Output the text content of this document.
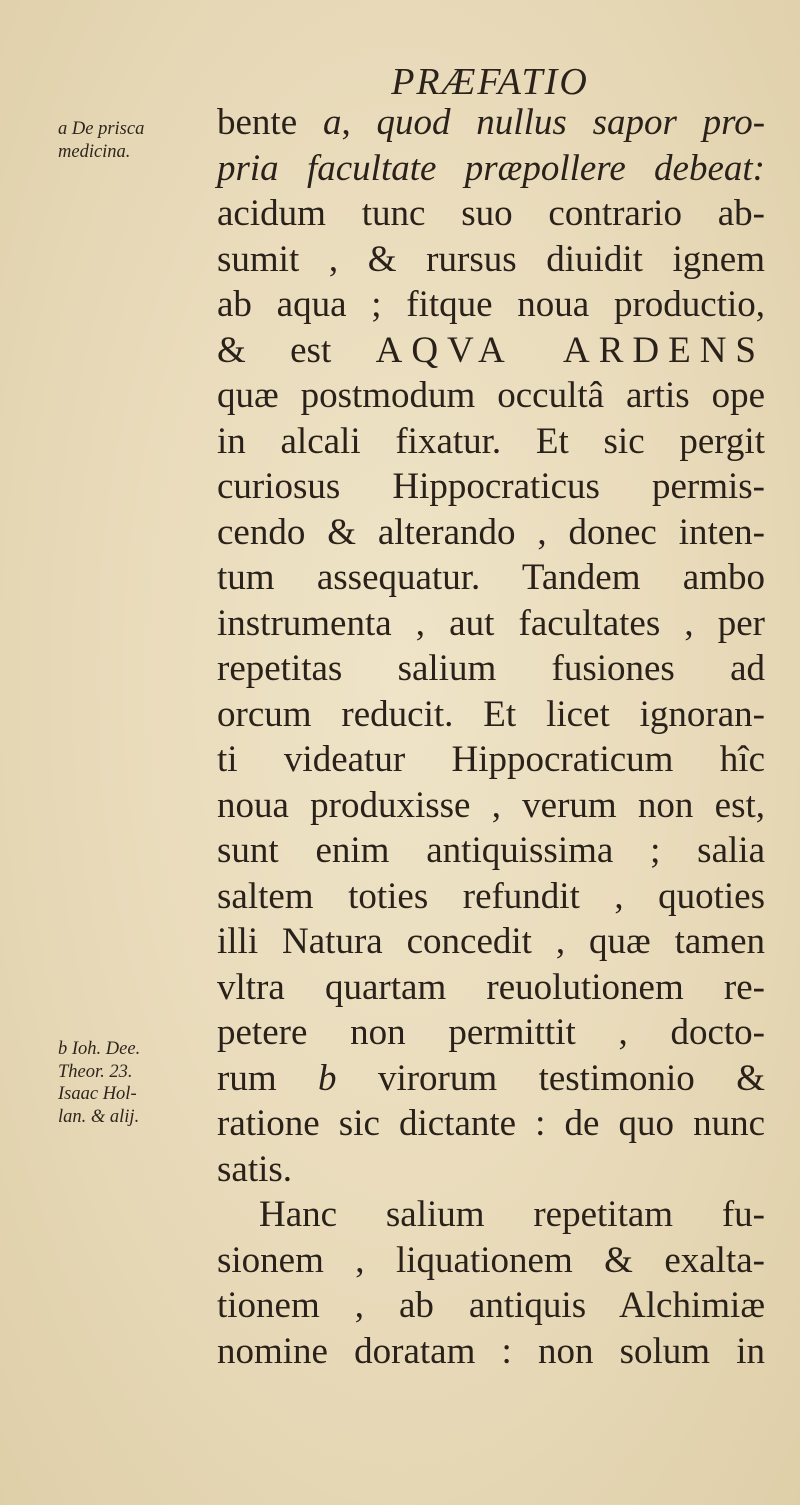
PRÆFATIO
a De prisca
medicina.
b Ioh. Dee.
Theor. 23.
Isaac Hol-
lan. & alij.
bente a, quod nullus sapor pro-
pria facultate præpollere debeat:
acidum tunc suo contrario ab-
sumit , & rursus diuidit ignem
ab aqua ; fitque noua productio,
& est AQVA ARDENS
quæ postmodum occultâ artis ope
in alcali fixatur. Et sic pergit
curiosus Hippocraticus permis-
cendo & alterando , donec inten-
tum assequatur. Tandem ambo
instrumenta , aut facultates , per
repetitas salium fusiones ad
orcum reducit. Et licet ignoran-
ti videatur Hippocraticum hîc
noua produxisse , verum non est,
sunt enim antiquissima ; salia
saltem toties refundit , quoties
illi Natura concedit , quæ tamen
vltra quartam reuolutionem re-
petere non permittit , docto-
rum b virorum testimonio &
ratione sic dictante : de quo nunc
satis.
Hanc salium repetitam fu-
sionem , liquationem & exalta-
tionem , ab antiquis Alchimiæ
nomine doratam : non solum in
